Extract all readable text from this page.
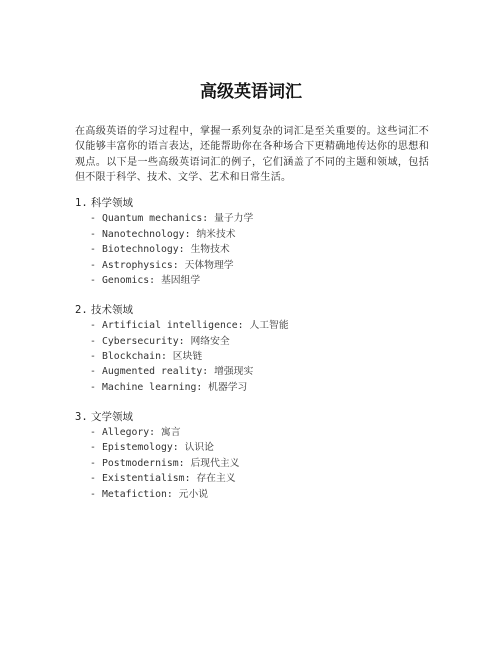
高级英语词汇
在高级英语的学习过程中，掌握一系列复杂的词汇是至关重要的。这些词汇不仅能够丰富你的语言表达，还能帮助你在各种场合下更精确地传达你的思想和观点。以下是一些高级英语词汇的例子，它们涵盖了不同的主题和领域，包括但不限于科学、技术、文学、艺术和日常生活。
1. 科学领域
- Quantum mechanics: 量子力学
- Nanotechnology: 纳米技术
- Biotechnology: 生物技术
- Astrophysics: 天体物理学
- Genomics: 基因组学
2. 技术领域
- Artificial intelligence: 人工智能
- Cybersecurity: 网络安全
- Blockchain: 区块链
- Augmented reality: 增强现实
- Machine learning: 机器学习
3. 文学领域
- Allegory: 寓言
- Epistemology: 认识论
- Postmodernism: 后现代主义
- Existentialism: 存在主义
- Metafiction: 元小说
